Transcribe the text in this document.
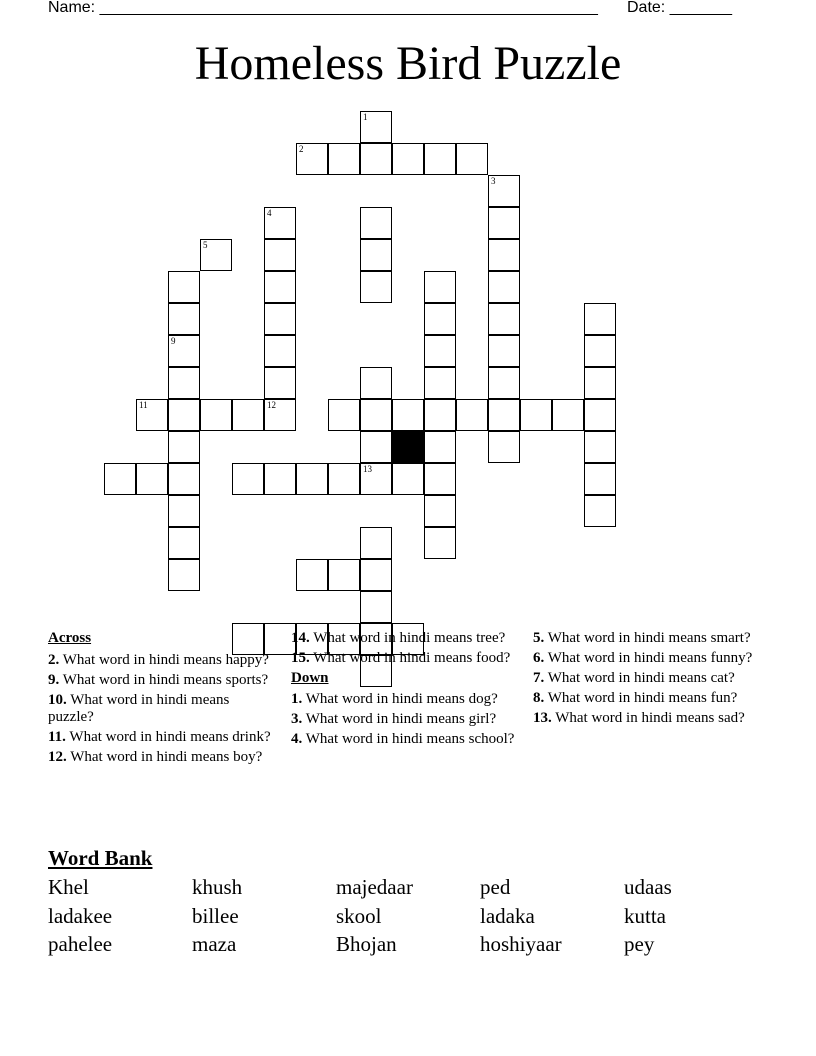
Name: ________________________________________________________ Date: _______
Homeless Bird Puzzle
1
2
3
4
5
9
11	12
13
Across
2. What word in hindi means happy?
9. What word in hindi means sports?
10. What word in hindi means puzzle?
11. What word in hindi means drink?
12. What word in hindi means boy?
14. What word in hindi means tree?
15. What word in hindi means food?
Down
1. What word in hindi means dog?
3. What word in hindi means girl?
4. What word in hindi means school?
5. What word in hindi means smart?
6. What word in hindi means funny?
7. What word in hindi means cat?
8. What word in hindi means fun?
13. What word in hindi means sad?
Word Bank
Khel	khush	majedaar	ped	udaas
ladakee	billee	skool	ladaka	kutta
pahelee	maza	Bhojan	hoshiyaar	pey
